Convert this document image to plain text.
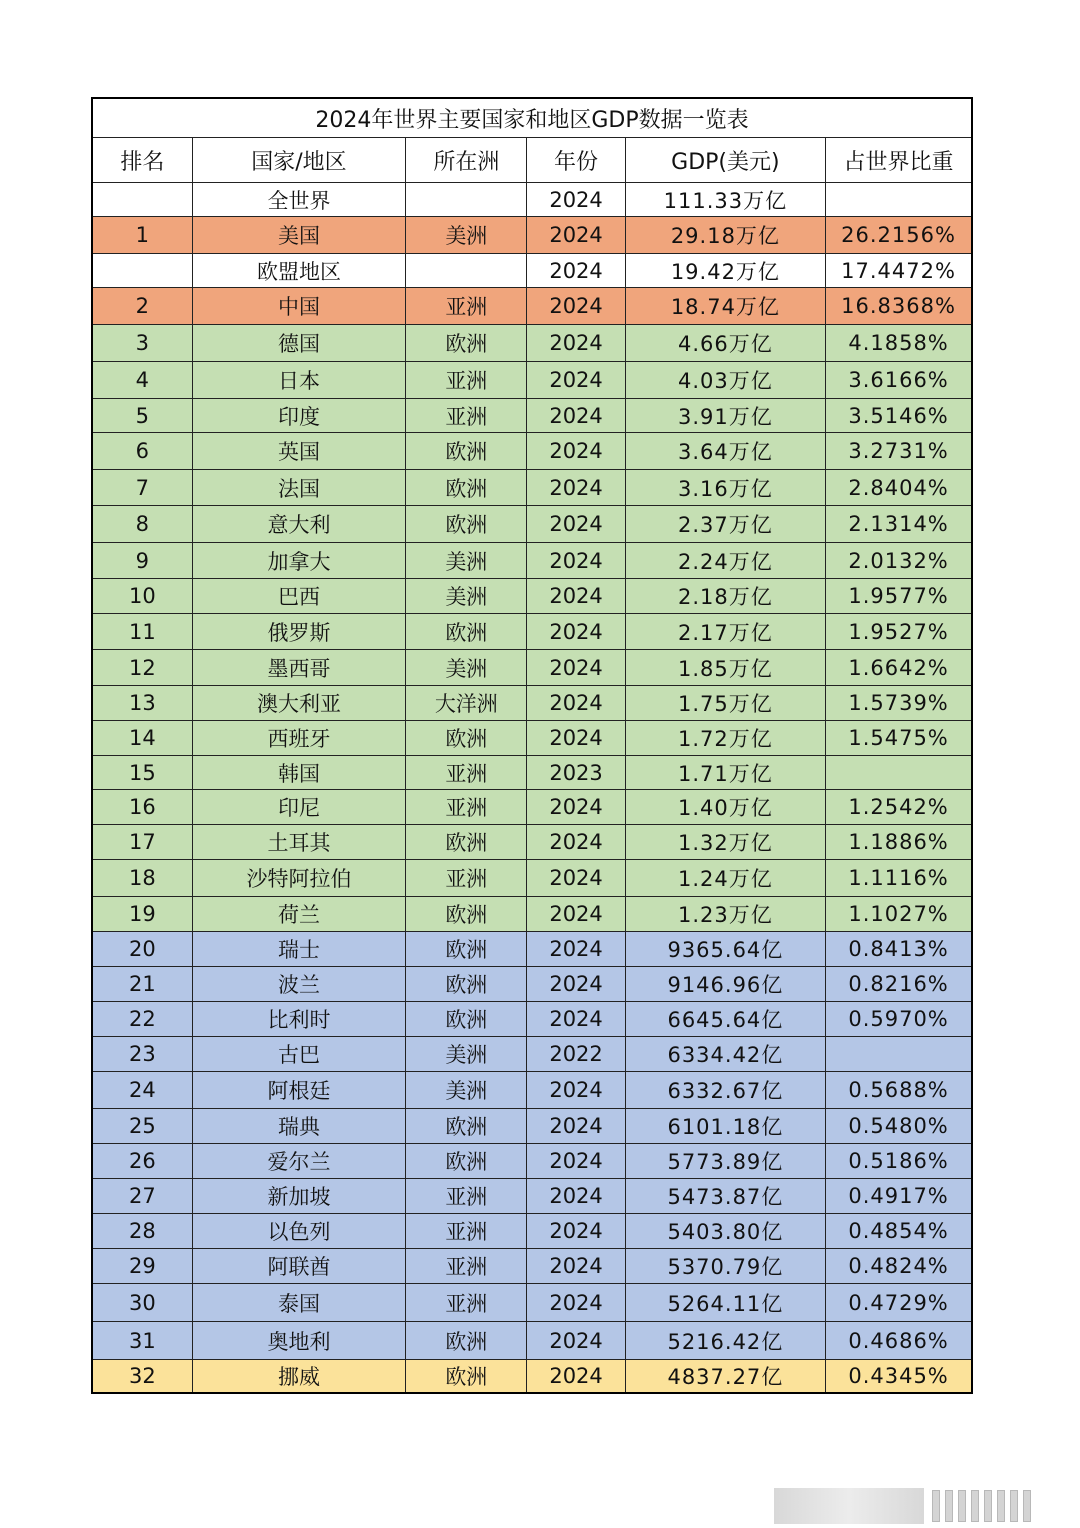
2024年世界主要国家和地区GDP数据一览表					
排名	国家/地区	所在洲	年份	GDP(美元)	占世界比重
	全世界		2024	111.33万亿	
1	美国	美洲	2024	29.18万亿	26.2156%
	欧盟地区		2024	19.42万亿	17.4472%
2	中国	亚洲	2024	18.74万亿	16.8368%
3	德国	欧洲	2024	4.66万亿	4.1858%
4	日本	亚洲	2024	4.03万亿	3.6166%
5	印度	亚洲	2024	3.91万亿	3.5146%
6	英国	欧洲	2024	3.64万亿	3.2731%
7	法国	欧洲	2024	3.16万亿	2.8404%
8	意大利	欧洲	2024	2.37万亿	2.1314%
9	加拿大	美洲	2024	2.24万亿	2.0132%
10	巴西	美洲	2024	2.18万亿	1.9577%
11	俄罗斯	欧洲	2024	2.17万亿	1.9527%
12	墨西哥	美洲	2024	1.85万亿	1.6642%
13	澳大利亚	大洋洲	2024	1.75万亿	1.5739%
14	西班牙	欧洲	2024	1.72万亿	1.5475%
15	韩国	亚洲	2023	1.71万亿	
16	印尼	亚洲	2024	1.40万亿	1.2542%
17	土耳其	欧洲	2024	1.32万亿	1.1886%
18	沙特阿拉伯	亚洲	2024	1.24万亿	1.1116%
19	荷兰	欧洲	2024	1.23万亿	1.1027%
20	瑞士	欧洲	2024	9365.64亿	0.8413%
21	波兰	欧洲	2024	9146.96亿	0.8216%
22	比利时	欧洲	2024	6645.64亿	0.5970%
23	古巴	美洲	2022	6334.42亿	
24	阿根廷	美洲	2024	6332.67亿	0.5688%
25	瑞典	欧洲	2024	6101.18亿	0.5480%
26	爱尔兰	欧洲	2024	5773.89亿	0.5186%
27	新加坡	亚洲	2024	5473.87亿	0.4917%
28	以色列	亚洲	2024	5403.80亿	0.4854%
29	阿联酋	亚洲	2024	5370.79亿	0.4824%
30	泰国	亚洲	2024	5264.11亿	0.4729%
31	奥地利	欧洲	2024	5216.42亿	0.4686%
32	挪威	欧洲	2024	4837.27亿	0.4345%
